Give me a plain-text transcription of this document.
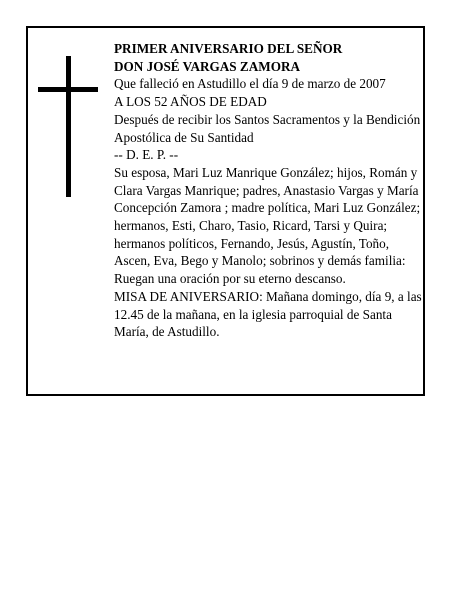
PRIMER ANIVERSARIO DEL SEÑOR
DON JOSÉ VARGAS ZAMORA
Que falleció en Astudillo el día 9 de marzo de 2007
A LOS 52 AÑOS DE EDAD
Después de recibir los Santos Sacramentos y la Bendición Apostólica de Su Santidad
-- D. E. P. --
Su esposa, Mari Luz Manrique González; hijos, Román y Clara Vargas Manrique; padres, Anastasio Vargas y María Concepción Zamora ; madre política, Mari Luz González; hermanos, Esti, Charo, Tasio, Ricard, Tarsi y Quira; hermanos políticos, Fernando, Jesús, Agustín, Toño, Ascen, Eva, Bego y Manolo; sobrinos y demás familia:
Ruegan una oración por su eterno descanso.
MISA DE ANIVERSARIO: Mañana domingo, día 9, a las 12.45 de la mañana, en la iglesia parroquial de Santa María, de Astudillo.
